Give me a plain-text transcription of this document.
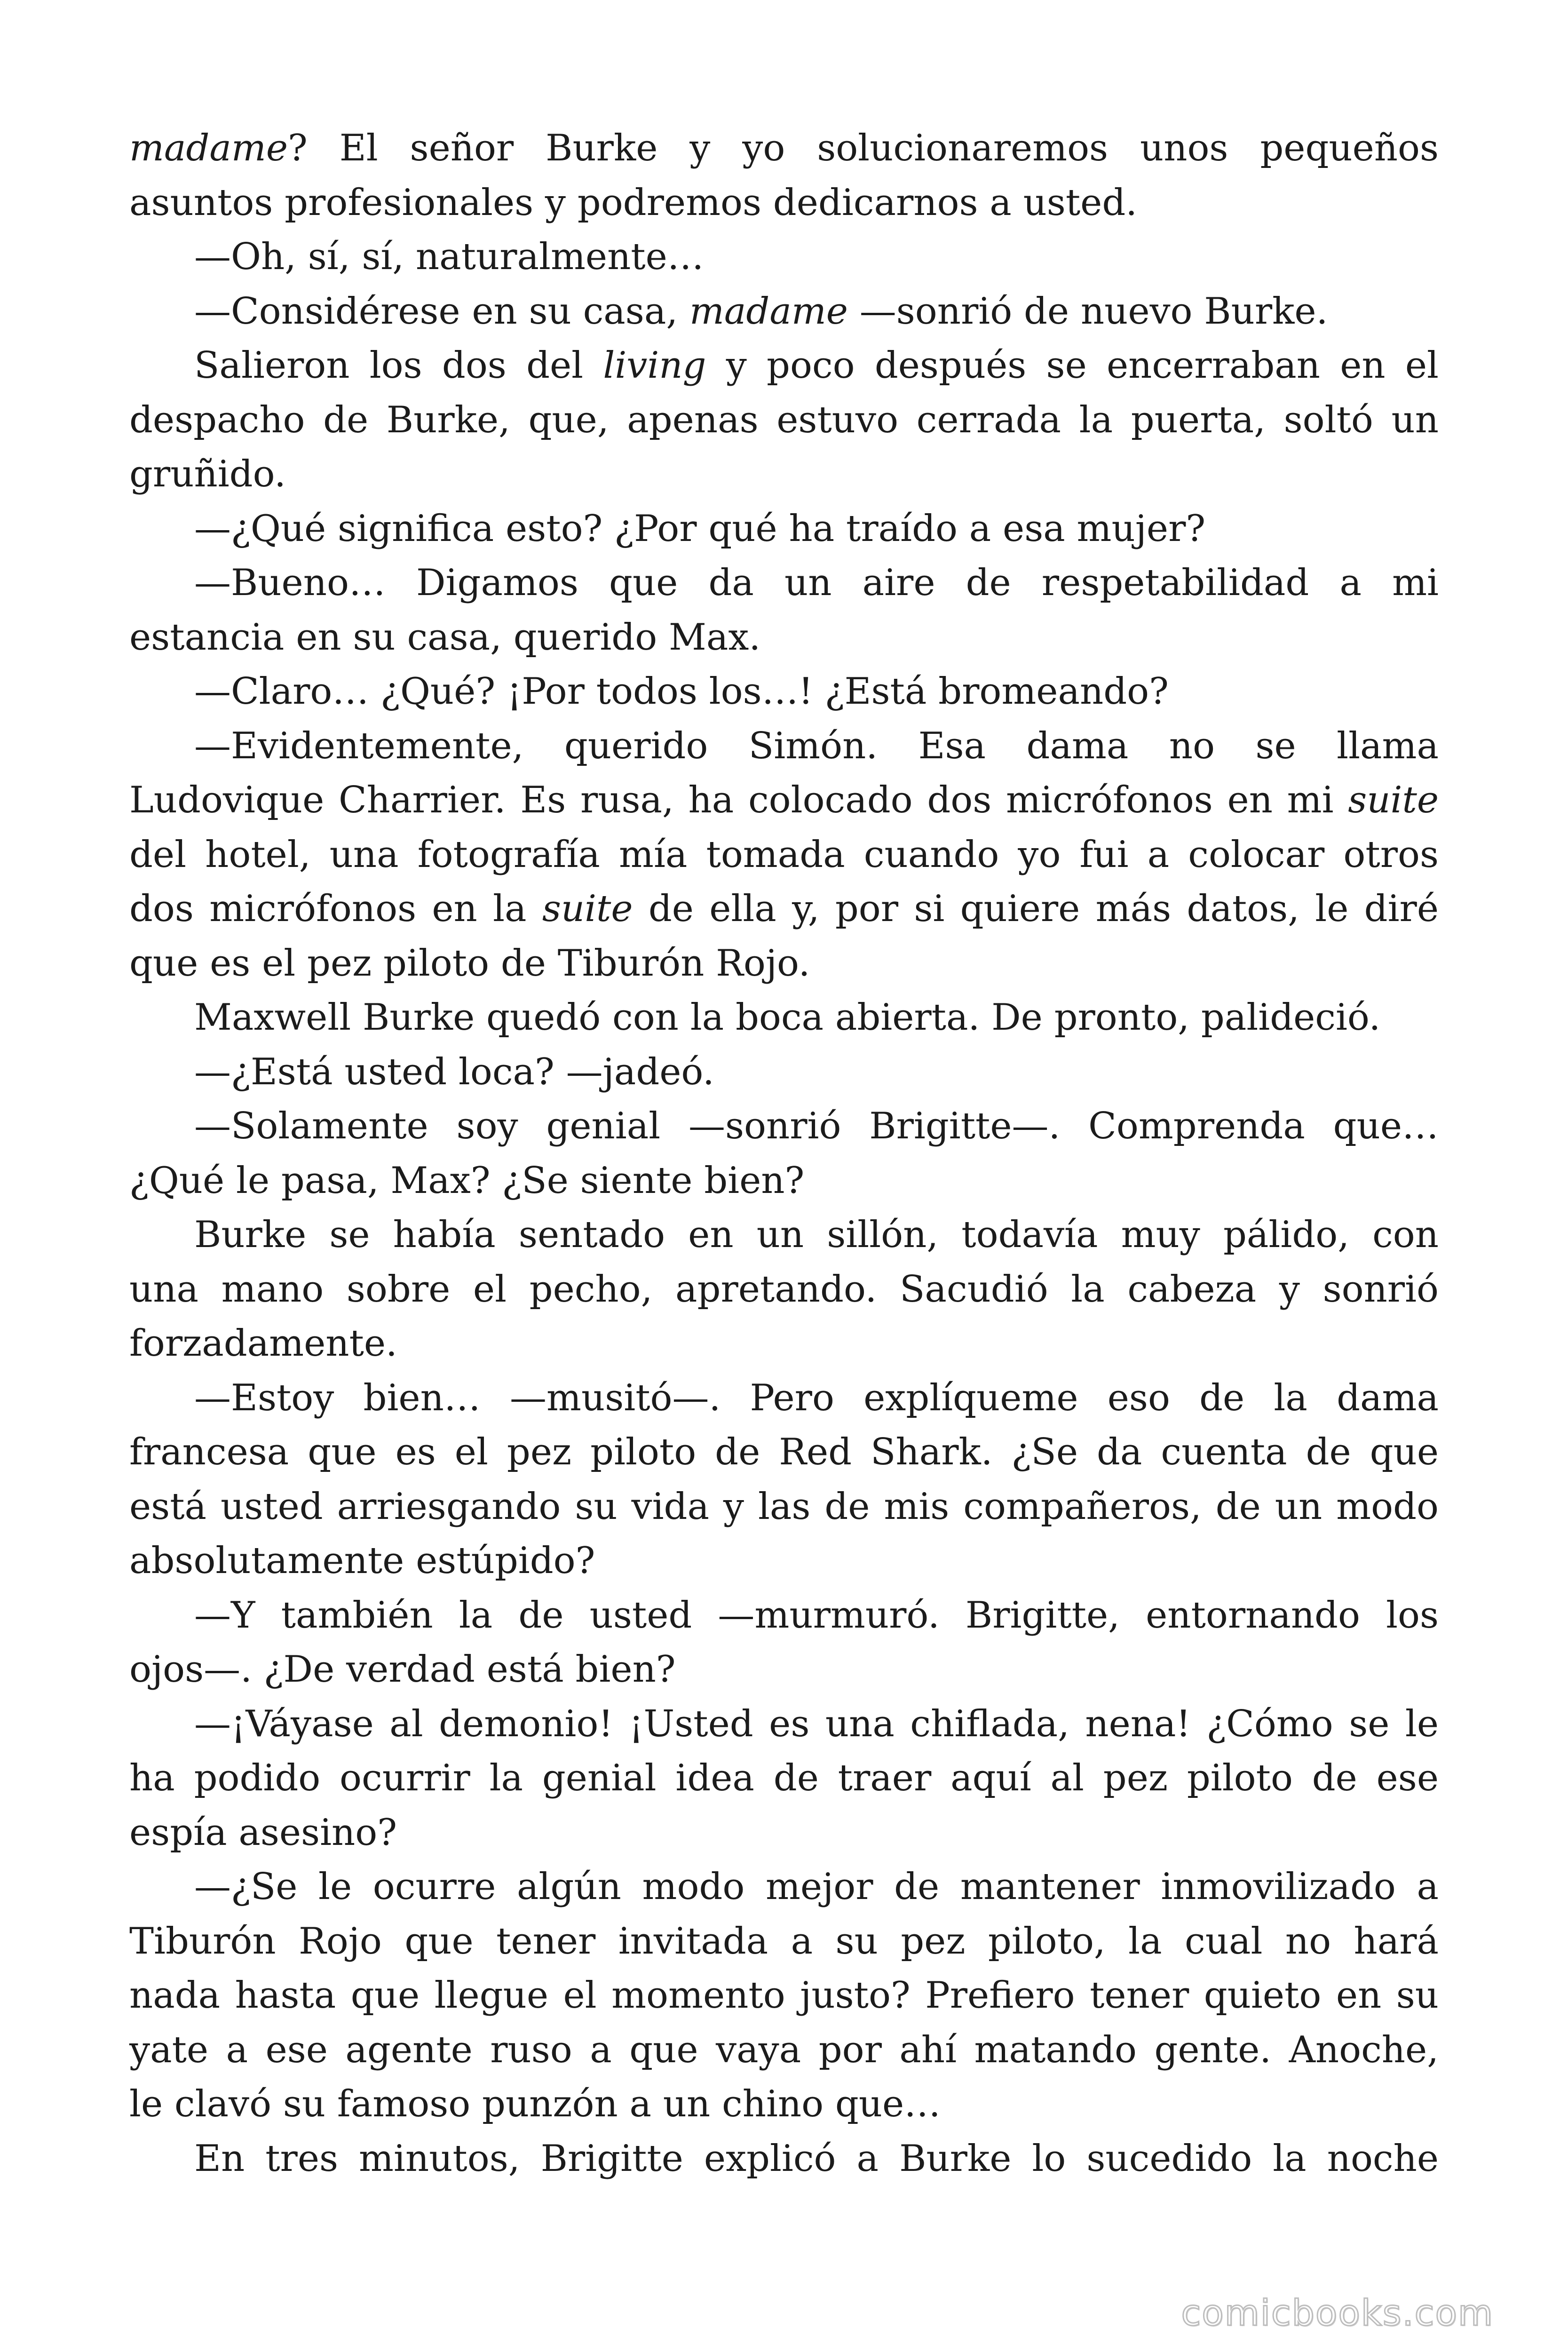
madame? El señor Burke y yo solucionaremos unos pequeños
asuntos profesionales y podremos dedicarnos a usted.
—Oh, sí, sí, naturalmente…
—Considérese en su casa, madame —sonrió de nuevo Burke.
Salieron los dos del living y poco después se encerraban en el
despacho de Burke, que, apenas estuvo cerrada la puerta, soltó un
gruñido.
—¿Qué significa esto? ¿Por qué ha traído a esa mujer?
—Bueno… Digamos que da un aire de respetabilidad a mi
estancia en su casa, querido Max.
—Claro… ¿Qué? ¡Por todos los…! ¿Está bromeando?
—Evidentemente, querido Simón. Esa dama no se llama
Ludovique Charrier. Es rusa, ha colocado dos micrófonos en mi suite
del hotel, una fotografía mía tomada cuando yo fui a colocar otros
dos micrófonos en la suite de ella y, por si quiere más datos, le diré
que es el pez piloto de Tiburón Rojo.
Maxwell Burke quedó con la boca abierta. De pronto, palideció.
—¿Está usted loca? —jadeó.
—Solamente soy genial —sonrió Brigitte—. Comprenda que…
¿Qué le pasa, Max? ¿Se siente bien?
Burke se había sentado en un sillón, todavía muy pálido, con
una mano sobre el pecho, apretando. Sacudió la cabeza y sonrió
forzadamente.
—Estoy bien… —musitó—. Pero explíqueme eso de la dama
francesa que es el pez piloto de Red Shark. ¿Se da cuenta de que
está usted arriesgando su vida y las de mis compañeros, de un modo
absolutamente estúpido?
—Y también la de usted —murmuró. Brigitte, entornando los
ojos—. ¿De verdad está bien?
—¡Váyase al demonio! ¡Usted es una chiflada, nena! ¿Cómo se le
ha podido ocurrir la genial idea de traer aquí al pez piloto de ese
espía asesino?
—¿Se le ocurre algún modo mejor de mantener inmovilizado a
Tiburón Rojo que tener invitada a su pez piloto, la cual no hará
nada hasta que llegue el momento justo? Prefiero tener quieto en su
yate a ese agente ruso a que vaya por ahí matando gente. Anoche,
le clavó su famoso punzón a un chino que…
En tres minutos, Brigitte explicó a Burke lo sucedido la noche
comicbooks.com
